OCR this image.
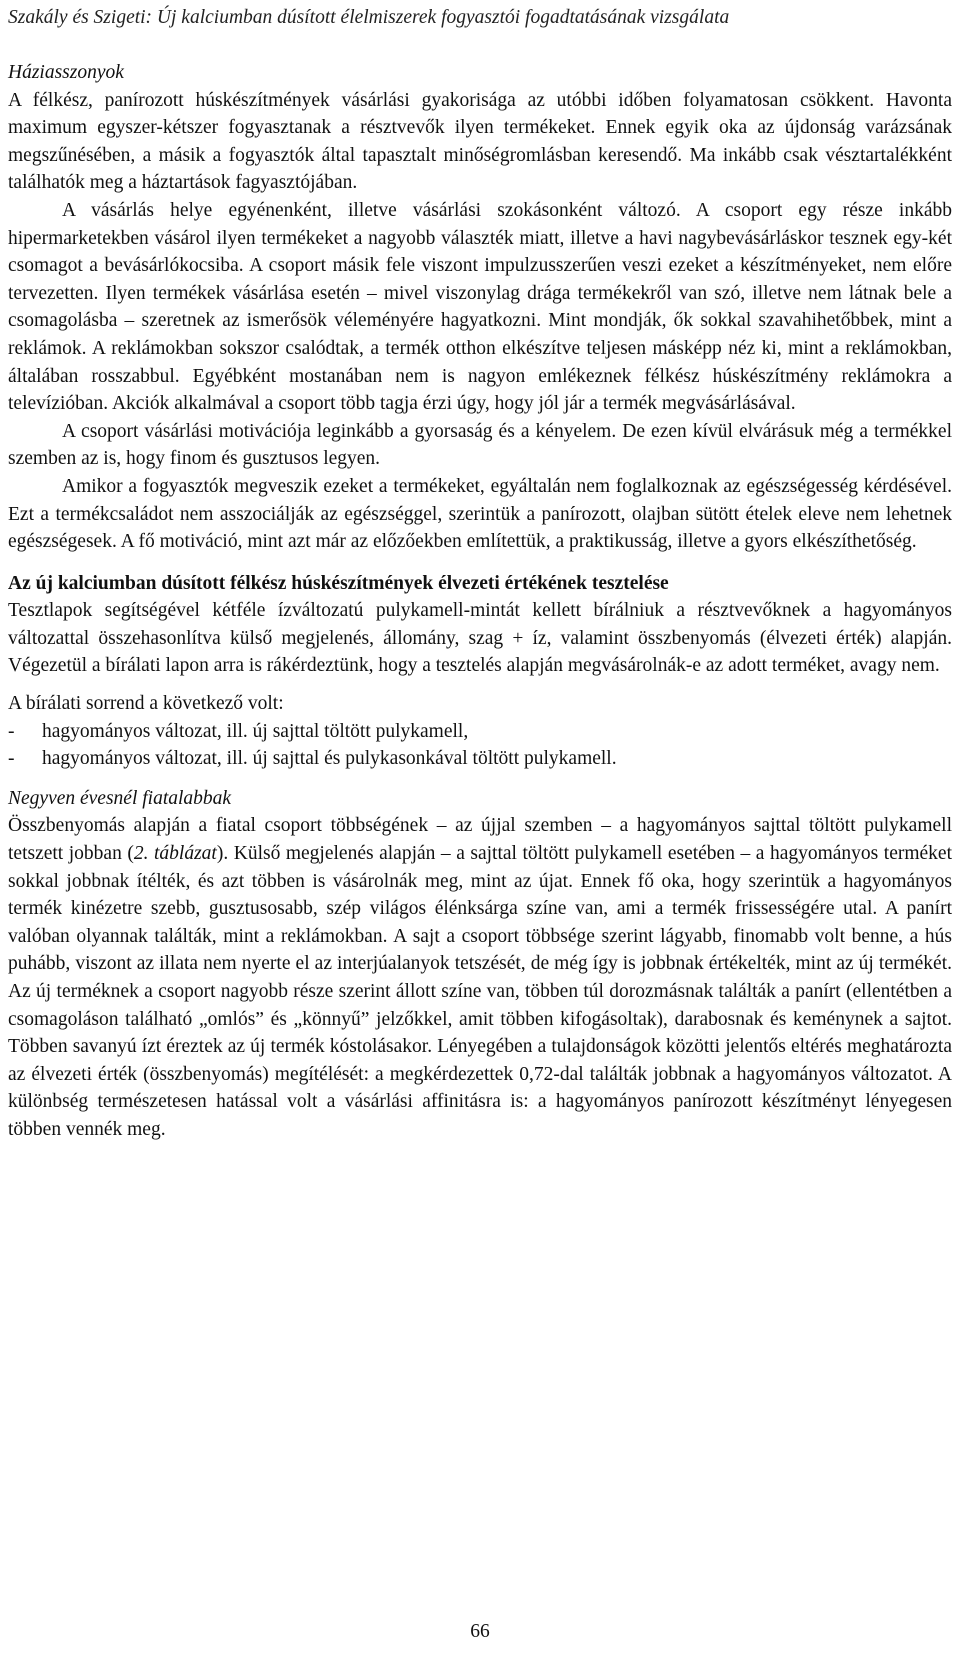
Szakály és Szigeti: Új kalciumban dúsított élelmiszerek fogyasztói fogadtatásának vizsgálata

Háziasszonyok

A félkész, panírozott húskészítmények vásárlási gyakorisága az utóbbi időben folyamatosan csökkent. Havonta maximum egyszer-kétszer fogyasztanak a résztvevők ilyen termékeket. Ennek egyik oka az újdonság varázsának megszűnésében, a másik a fogyasztók által tapasztalt minőségromlásban keresendő. Ma inkább csak vésztartalékként találhatók meg a háztartások fagyasztójában.

A vásárlás helye egyénenként, illetve vásárlási szokásonként változó. A csoport egy része inkább hipermarketekben vásárol ilyen termékeket a nagyobb választék miatt, illetve a havi nagybevásárláskor tesznek egy-két csomagot a bevásárlókocsiba. A csoport másik fele viszont impulzusszerűen veszi ezeket a készítményeket, nem előre tervezetten. Ilyen termékek vásárlása esetén – mivel viszonylag drága termékekről van szó, illetve nem látnak bele a csomagolásba – szeretnek az ismerősök véleményére hagyatkozni. Mint mondják, ők sokkal szavahihetőbbek, mint a reklámok. A reklámokban sokszor csalódtak, a termék otthon elkészítve teljesen másképp néz ki, mint a reklámokban, általában rosszabbul. Egyébként mostanában nem is nagyon emlékeznek félkész húskészítmény reklámokra a televízióban. Akciók alkalmával a csoport több tagja érzi úgy, hogy jól jár a termék megvásárlásával.

A csoport vásárlási motivációja leginkább a gyorsaság és a kényelem. De ezen kívül elvárásuk még a termékkel szemben az is, hogy finom és gusztusos legyen.

Amikor a fogyasztók megveszik ezeket a termékeket, egyáltalán nem foglalkoznak az egészségesség kérdésével. Ezt a termékcsaládot nem asszociálják az egészséggel, szerintük a panírozott, olajban sütött ételek eleve nem lehetnek egészségesek. A fő motiváció, mint azt már az előzőekben említettük, a praktikusság, illetve a gyors elkészíthetőség.

Az új kalciumban dúsított félkész húskészítmények élvezeti értékének tesztelése

Tesztlapok segítségével kétféle ízváltozatú pulykamell-mintát kellett bírálniuk a résztvevőknek a hagyományos változattal összehasonlítva külső megjelenés, állomány, szag + íz, valamint összbenyomás (élvezeti érték) alapján. Végezetül a bírálati lapon arra is rákérdeztünk, hogy a tesztelés alapján megvásárolnák-e az adott terméket, avagy nem.

A bírálati sorrend a következő volt:

-	hagyományos változat, ill. új sajttal töltött pulykamell,
-	hagyományos változat, ill. új sajttal és pulykasonkával töltött pulykamell.

Negyven évesnél fiatalabbak

Összbenyomás alapján a fiatal csoport többségének – az újjal szemben – a hagyományos sajttal töltött pulykamell tetszett jobban (2. táblázat). Külső megjelenés alapján – a sajttal töltött pulykamell esetében – a hagyományos terméket sokkal jobbnak ítélték, és azt többen is vásárolnák meg, mint az újat. Ennek fő oka, hogy szerintük a hagyományos termék kinézetre szebb, gusztusosabb, szép világos élénksárga színe van, ami a termék frissességére utal. A panírt valóban olyannak találták, mint a reklámokban. A sajt a csoport többsége szerint lágyabb, finomabb volt benne, a hús puhább, viszont az illata nem nyerte el az interjúalanyok tetszését, de még így is jobbnak értékelték, mint az új termékét. Az új terméknek a csoport nagyobb része szerint állott színe van, többen túl dorozmásnak találták a panírt (ellentétben a csomagoláson található „omlós” és „könnyű” jelzőkkel, amit többen kifogásoltak), darabosnak és keménynek a sajtot. Többen savanyú ízt éreztek az új termék kóstolásakor. Lényegében a tulajdonságok közötti jelentős eltérés meghatározta az élvezeti érték (összbenyomás) megítélését: a megkérdezettek 0,72-dal találták jobbnak a hagyományos változatot. A különbség természetesen hatással volt a vásárlási affinitásra is: a hagyományos panírozott készítményt lényegesen többen vennék meg.

66
